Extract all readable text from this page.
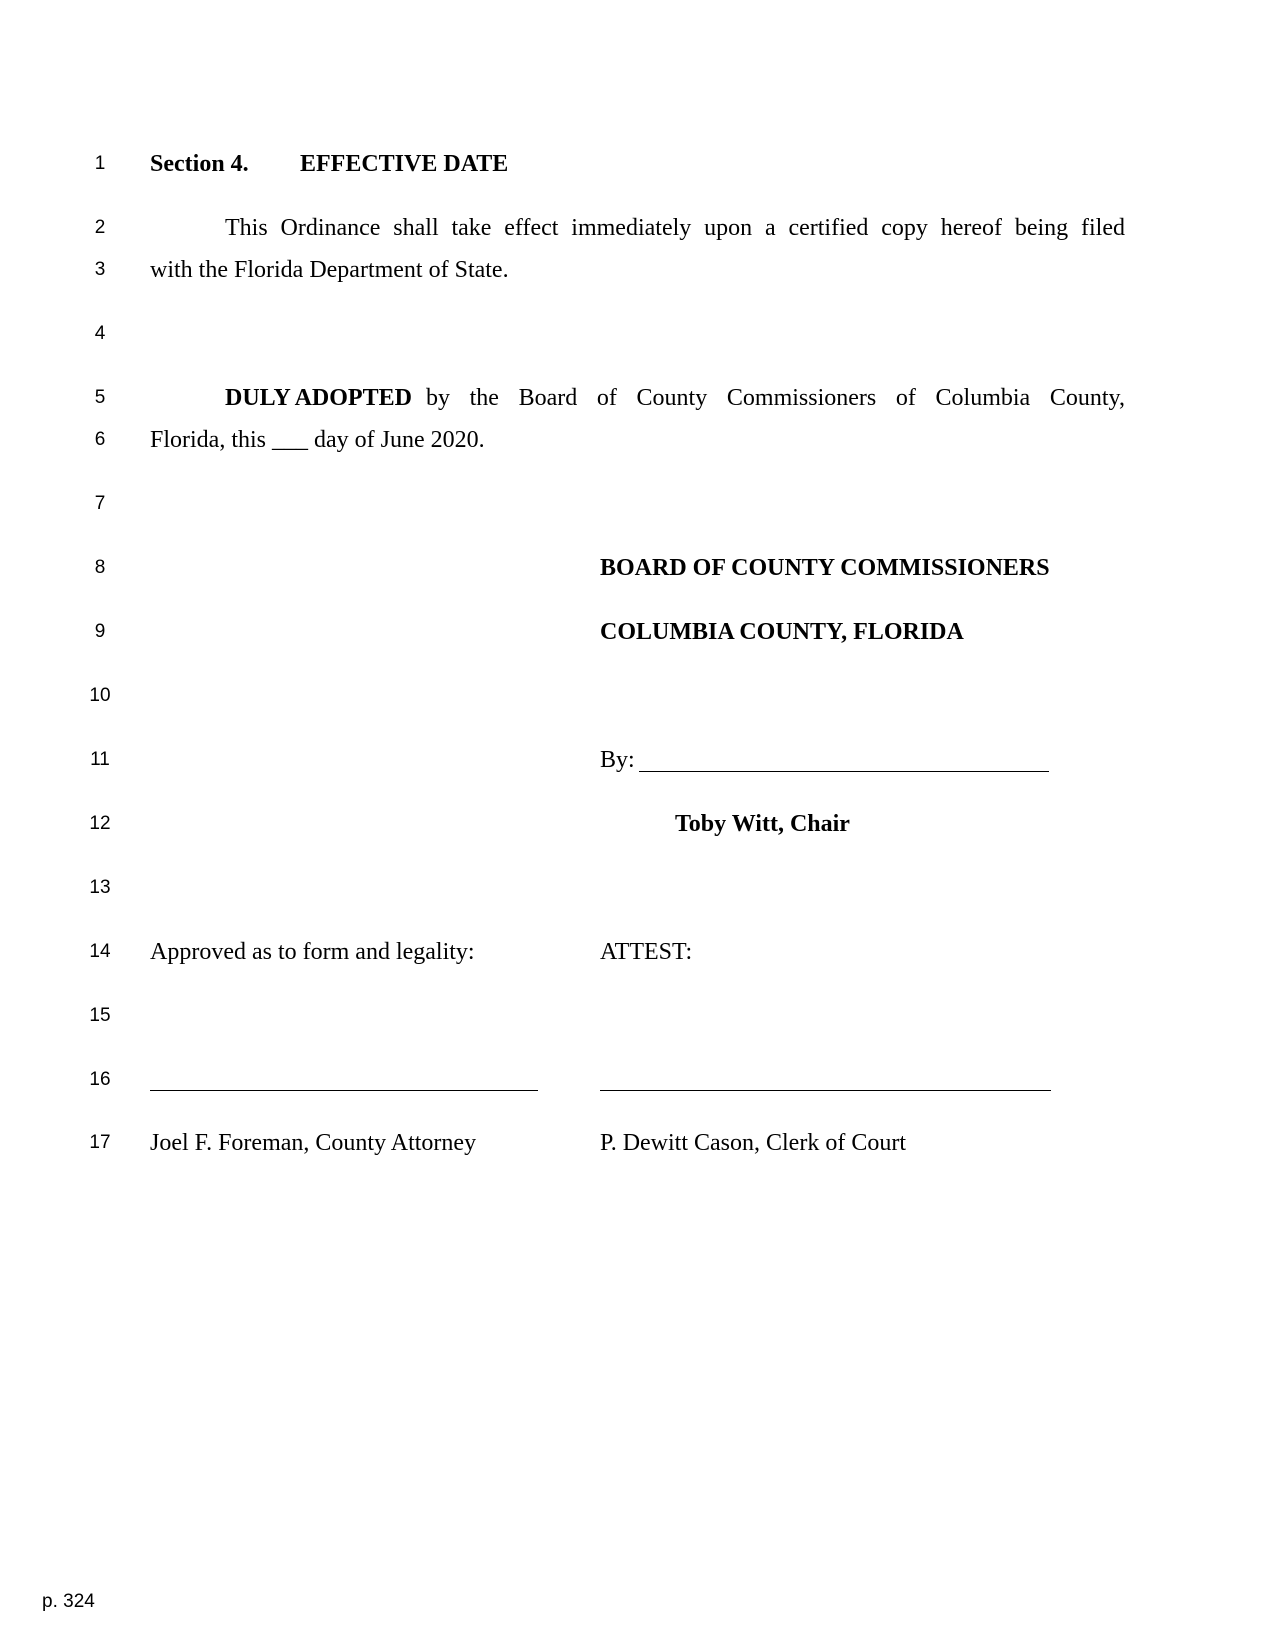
1
2
3
4
5
6
7
8
9
10
11
12
13
14
15
16
17
Section 4. EFFECTIVE DATE
This Ordinance shall take effect immediately upon a certified copy hereof being filed
with the Florida Department of State.
DULY ADOPTED by the Board of County Commissioners of Columbia County,
Florida, this ___ day of June 2020.
BOARD OF COUNTY COMMISSIONERS
COLUMBIA COUNTY, FLORIDA
By:
Toby Witt, Chair
Approved as to form and legality:	ATTEST:
Joel F. Foreman, County Attorney	P. Dewitt Cason, Clerk of Court
p. 324
